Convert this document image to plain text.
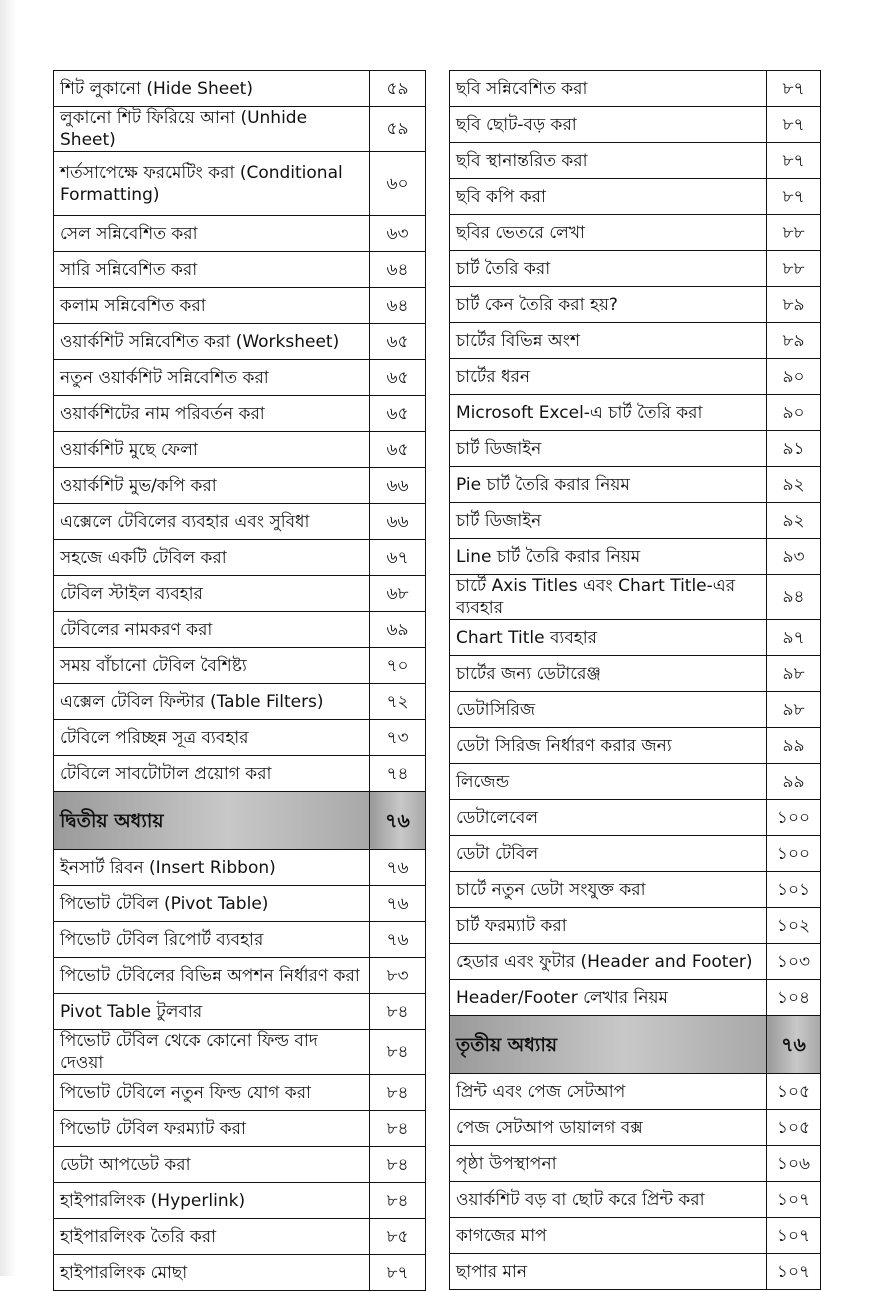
শিট লুকানো (Hide Sheet)	৫৯
লুকানো শিট ফিরিয়ে আনা (Unhide Sheet)	৫৯
শর্তসাপেক্ষে ফরমেটিং করা (Conditional Formatting)	৬০
সেল সন্নিবেশিত করা	৬৩
সারি সন্নিবেশিত করা	৬৪
কলাম সন্নিবেশিত করা	৬৪
ওয়ার্কশিট সন্নিবেশিত করা (Worksheet)	৬৫
নতুন ওয়ার্কশিট সন্নিবেশিত করা	৬৫
ওয়ার্কশিটের নাম পরিবর্তন করা	৬৫
ওয়ার্কশিট মুছে ফেলা	৬৫
ওয়ার্কশিট মুভ/কপি করা	৬৬
এক্সেলে টেবিলের ব্যবহার এবং সুবিধা	৬৬
সহজে একটি টেবিল করা	৬৭
টেবিল স্টাইল ব্যবহার	৬৮
টেবিলের নামকরণ করা	৬৯
সময় বাঁচানো টেবিল বৈশিষ্ট্য	৭০
এক্সেল টেবিল ফিল্টার (Table Filters)	৭২
টেবিলে পরিচ্ছন্ন সূত্র ব্যবহার	৭৩
টেবিলে সাবটোটাল প্রয়োগ করা	৭৪
দ্বিতীয় অধ্যায়	৭৬
ইনসার্ট রিবন (Insert Ribbon)	৭৬
পিভোট টেবিল (Pivot Table)	৭৬
পিভোট টেবিল রিপোর্ট ব্যবহার	৭৬
পিভোট টেবিলের বিভিন্ন অপশন নির্ধারণ করা	৮৩
Pivot Table টুলবার	৮৪
পিভোট টেবিল থেকে কোনো ফিল্ড বাদ দেওয়া	৮৪
পিভোট টেবিলে নতুন ফিল্ড যোগ করা	৮৪
পিভোট টেবিল ফরম্যাট করা	৮৪
ডেটা আপডেট করা	৮৪
হাইপারলিংক (Hyperlink)	৮৪
হাইপারলিংক তৈরি করা	৮৫
হাইপারলিংক মোছা	৮৭
ছবি সন্নিবেশিত করা	৮৭
ছবি ছোট-বড় করা	৮৭
ছবি স্থানান্তরিত করা	৮৭
ছবি কপি করা	৮৭
ছবির ভেতরে লেখা	৮৮
চার্ট তৈরি করা	৮৮
চার্ট কেন তৈরি করা হয়?	৮৯
চার্টের বিভিন্ন অংশ	৮৯
চার্টের ধরন	৯০
Microsoft Excel-এ চার্ট তৈরি করা	৯০
চার্ট ডিজাইন	৯১
Pie চার্ট তৈরি করার নিয়ম	৯২
চার্ট ডিজাইন	৯২
Line চার্ট তৈরি করার নিয়ম	৯৩
চার্টে Axis Titles এবং Chart Title-এর ব্যবহার	৯৪
Chart Title ব্যবহার	৯৭
চার্টের জন্য ডেটারেঞ্জ	৯৮
ডেটাসিরিজ	৯৮
ডেটা সিরিজ নির্ধারণ করার জন্য	৯৯
লিজেন্ড	৯৯
ডেটালেবেল	১০০
ডেটা টেবিল	১০০
চার্টে নতুন ডেটা সংযুক্ত করা	১০১
চার্ট ফরম্যাট করা	১০২
হেডার এবং ফুটার (Header and Footer)	১০৩
Header/Footer লেখার নিয়ম	১০৪
তৃতীয় অধ্যায়	৭৬
প্রিন্ট এবং পেজ সেটআপ	১০৫
পেজ সেটআপ ডায়ালগ বক্স	১০৫
পৃষ্ঠা উপস্থাপনা	১০৬
ওয়ার্কশিট বড় বা ছোট করে প্রিন্ট করা	১০৭
কাগজের মাপ	১০৭
ছাপার মান	১০৭
